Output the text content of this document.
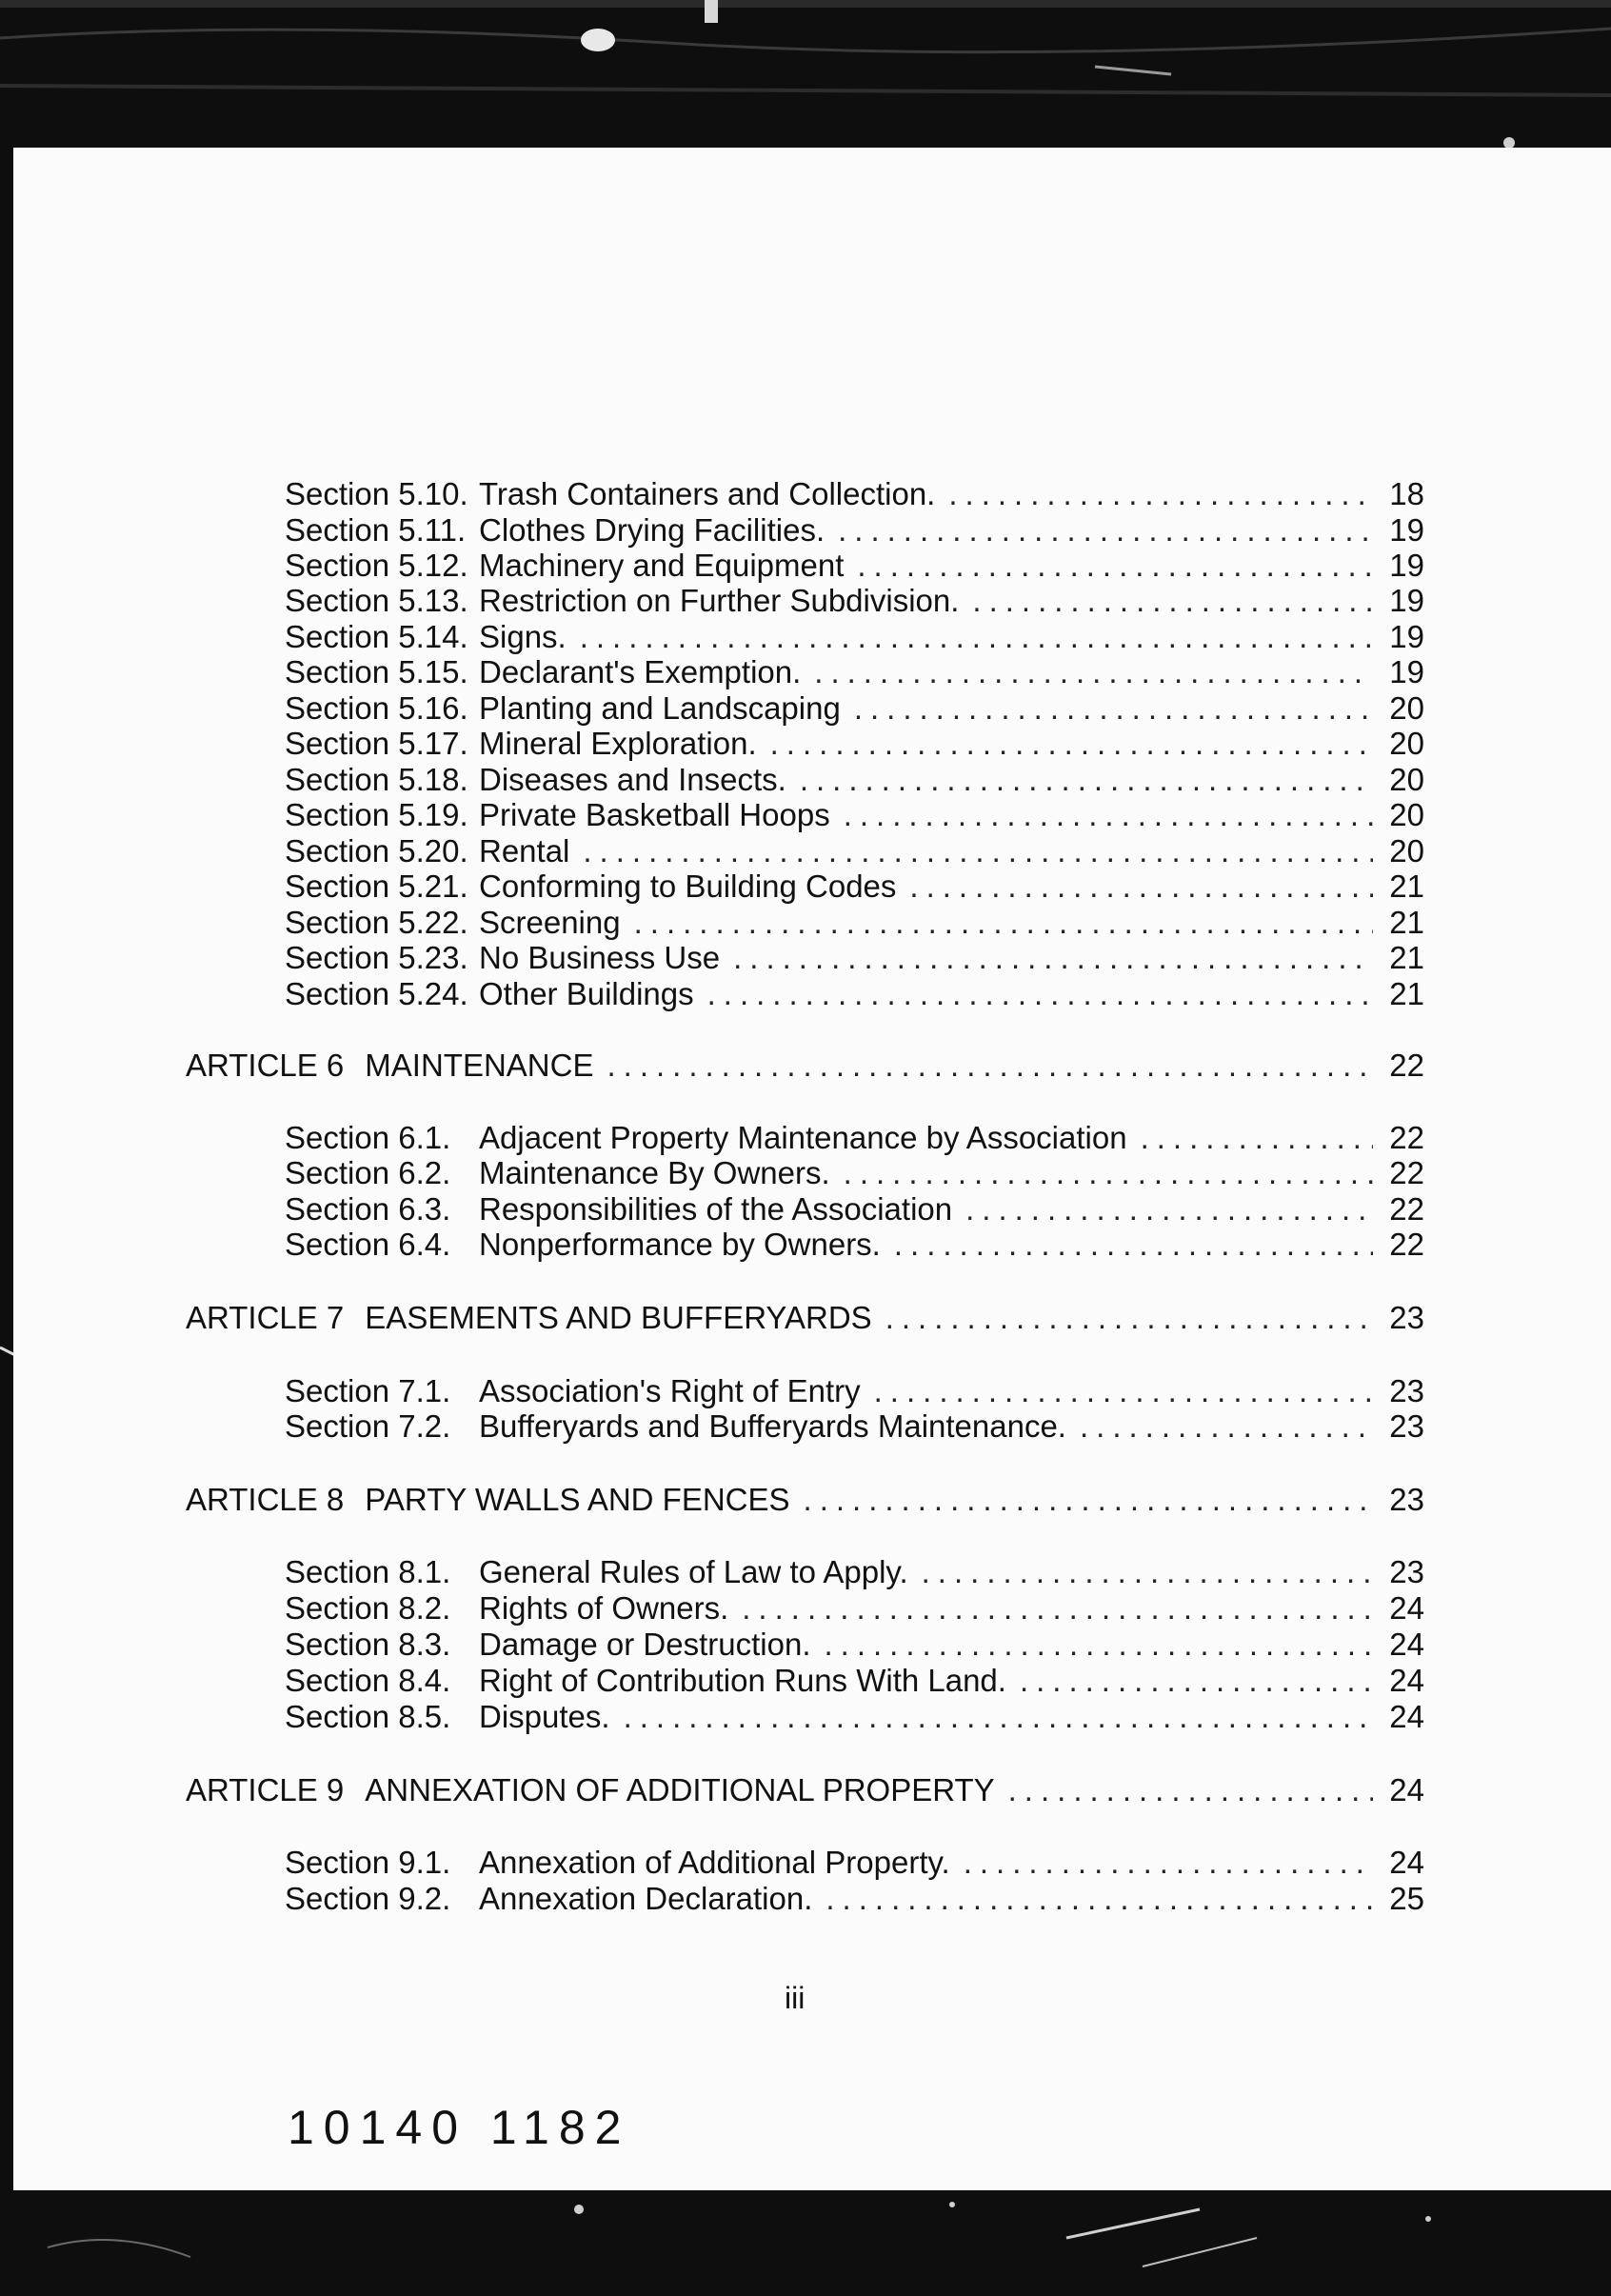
Section 5.10. Trash Containers and Collection. .....	18
Section 5.11. Clothes Drying Facilities. .....	19
Section 5.12. Machinery and Equipment .....	19
Section 5.13. Restriction on Further Subdivision. .....	19
Section 5.14. Signs. .....	19
Section 5.15. Declarant's Exemption. .....	19
Section 5.16. Planting and Landscaping .....	20
Section 5.17. Mineral Exploration. .....	20
Section 5.18. Diseases and Insects. .....	20
Section 5.19. Private Basketball Hoops .....	20
Section 5.20. Rental .....	20
Section 5.21. Conforming to Building Codes .....	21
Section 5.22. Screening .....	21
Section 5.23. No Business Use .....	21
Section 5.24. Other Buildings .....	21
ARTICLE 6 MAINTENANCE .....	22
Section 6.1. Adjacent Property Maintenance by Association .....	22
Section 6.2. Maintenance By Owners. .....	22
Section 6.3. Responsibilities of the Association .....	22
Section 6.4. Nonperformance by Owners. .....	22
ARTICLE 7 EASEMENTS AND BUFFERYARDS .....	23
Section 7.1. Association's Right of Entry .....	23
Section 7.2. Bufferyards and Bufferyards Maintenance. .....	23
ARTICLE 8 PARTY WALLS AND FENCES .....	23
Section 8.1. General Rules of Law to Apply. .....	23
Section 8.2. Rights of Owners. .....	24
Section 8.3. Damage or Destruction. .....	24
Section 8.4. Right of Contribution Runs With Land. .....	24
Section 8.5. Disputes. .....	24
ARTICLE 9 ANNEXATION OF ADDITIONAL PROPERTY .....	24
Section 9.1. Annexation of Additional Property. .....	24
Section 9.2. Annexation Declaration. .....	25
iii
10140 1182
